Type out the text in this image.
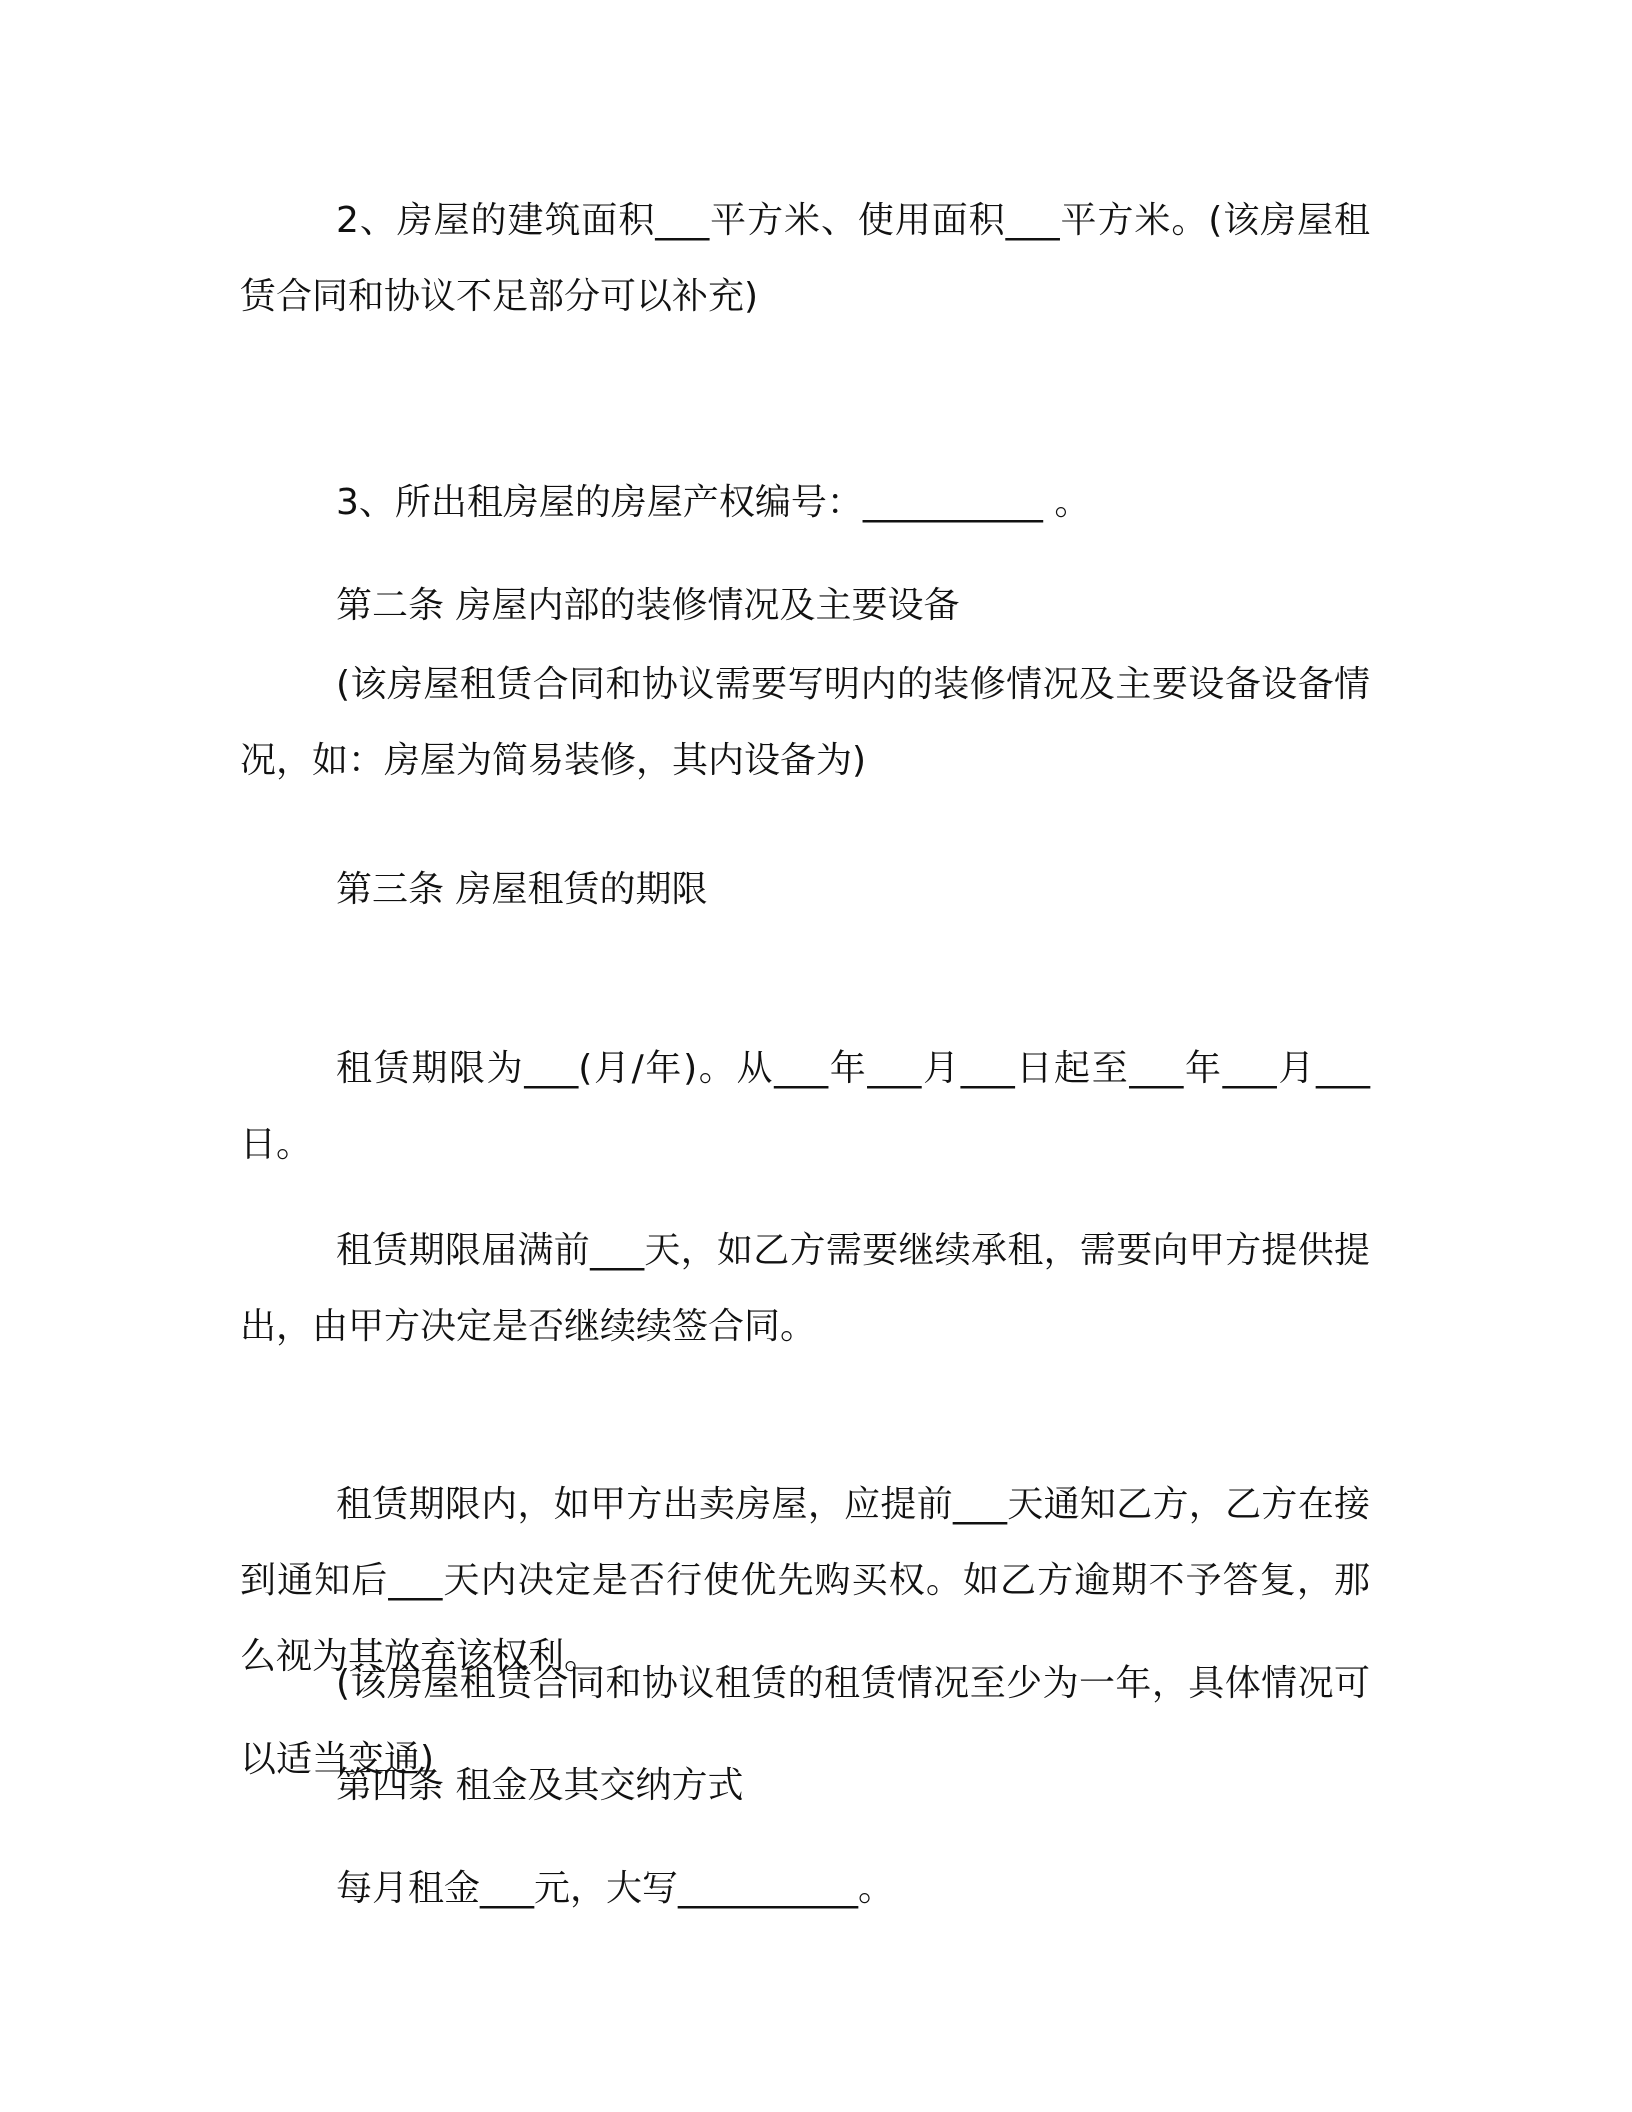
2、房屋的建筑面积___平方米、使用面积___平方米。(该房屋租赁合同和协议不足部分可以补充)

3、所出租房屋的房屋产权编号：__________ 。

第二条 房屋内部的装修情况及主要设备

(该房屋租赁合同和协议需要写明内的装修情况及主要设备设备情况，如：房屋为简易装修，其内设备为)

第三条 房屋租赁的期限

租赁期限为___(月/年)。从___年___月___日起至___年___月___日。

租赁期限届满前___天，如乙方需要继续承租，需要向甲方提供提出，由甲方决定是否继续续签合同。

租赁期限内，如甲方出卖房屋，应提前___天通知乙方，乙方在接到通知后___天内决定是否行使优先购买权。如乙方逾期不予答复，那么视为其放弃该权利。

(该房屋租赁合同和协议租赁的租赁情况至少为一年，具体情况可以适当变通)

第四条 租金及其交纳方式

每月租金___元，大写__________。
